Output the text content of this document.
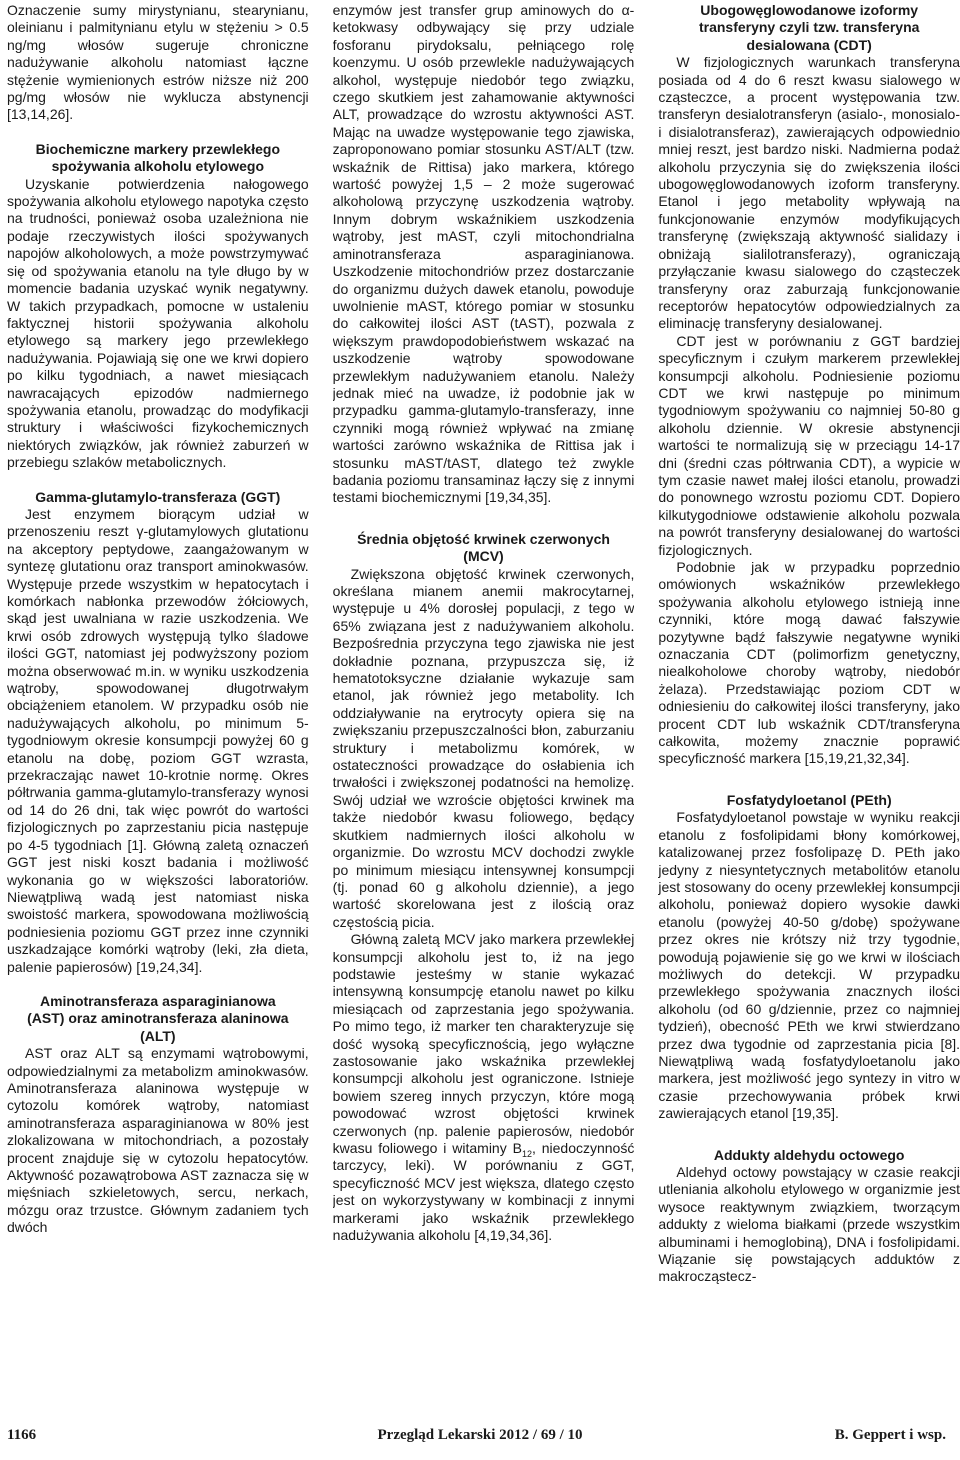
Oznaczenie sumy mirystynianu, stearynianu, oleinianu i palmitynianu etylu w stężeniu > 0.5 ng/mg włosów sugeruje chroniczne nadużywanie alkoholu natomiast łączne stężenie wymienionych estrów niższe niż 200 pg/mg włosów nie wyklucza abstynencji [13,14,26].

Biochemiczne markery przewlekłego spożywania alkoholu etylowego

Uzyskanie potwierdzenia nałogowego spożywania alkoholu etylowego napotyka często na trudności, ponieważ osoba uzależniona nie podaje rzeczywistych ilości spożywanych napojów alkoholowych, a może powstrzymywać się od spożywania etanolu na tyle długo by w momencie badania uzyskać wynik negatywny. W takich przypadkach, pomocne w ustaleniu faktycznej historii spożywania alkoholu etylowego są markery jego przewlekłego nadużywania. Pojawiają się one we krwi dopiero po kilku tygodniach, a nawet miesiącach nawracających epizodów nadmiernego spożywania etanolu, prowadząc do modyfikacji struktury i właściwości fizykochemicznych niektórych związków, jak również zaburzeń w przebiegu szlaków metabolicznych.

Gamma-glutamylo-transferaza (GGT)

Jest enzymem biorącym udział w przenoszeniu reszt γ-glutamylowych glutationu na akceptory peptydowe, zaangażowanym w syntezę glutationu oraz transport aminokwasów. Występuje przede wszystkim w hepatocytach i komórkach nabłonka przewodów żółciowych, skąd jest uwalniana w razie uszkodzenia. We krwi osób zdrowych występują tylko śladowe ilości GGT, natomiast jej podwyższony poziom można obserwować m.in. w wyniku uszkodzenia wątroby, spowodowanej długotrwałym obciążeniem etanolem. W przypadku osób nie nadużywających alkoholu, po minimum 5-tygodniowym okresie konsumpcji powyżej 60 g etanolu na dobę, poziom GGT wzrasta, przekraczając nawet 10-krotnie normę. Okres półtrwania gamma-glutamylo-transferazy wynosi od 14 do 26 dni, tak więc powrót do wartości fizjologicznych po zaprzestaniu picia następuje po 4-5 tygodniach [1]. Główną zaletą oznaczeń GGT jest niski koszt badania i możliwość wykonania go w większości laboratoriów. Niewątpliwą wadą jest natomiast niska swoistość markera, spowodowana możliwością podniesienia poziomu GGT przez inne czynniki uszkadzające komórki wątroby (leki, zła dieta, palenie papierosów) [19,24,34].

Aminotransferaza asparaginianowa (AST) oraz aminotransferaza alaninowa (ALT)

AST oraz ALT są enzymami wątrobowymi, odpowiedzialnymi za metabolizm aminokwasów. Aminotransferaza alaninowa występuje w cytozolu komórek wątroby, natomiast aminotransferaza asparaginianowa w 80% jest zlokalizowana w mitochondriach, a pozostały procent znajduje się w cytozolu hepatocytów. Aktywność pozawątrobowa AST zaznacza się w mięśniach szkieletowych, sercu, nerkach, mózgu oraz trzustce. Głównym zadaniem tych dwóch

enzymów jest transfer grup aminowych do α-ketokwasy odbywający się przy udziale fosforanu pirydoksalu, pełniącego rolę koenzymu. U osób przewlekle nadużywających alkohol, występuje niedobór tego związku, czego skutkiem jest zahamowanie aktywności ALT, prowadzące do wzrostu aktywności AST. Mając na uwadze występowanie tego zjawiska, zaproponowano pomiar stosunku AST/ALT (tzw. wskaźnik de Rittisa) jako markera, którego wartość powyżej 1,5 – 2 może sugerować alkoholową przyczynę uszkodzenia wątroby. Innym dobrym wskaźnikiem uszkodzenia wątroby, jest mAST, czyli mitochondrialna aminotransferaza asparaginianowa. Uszkodzenie mitochondriów przez dostarczanie do organizmu dużych dawek etanolu, powoduje uwolnienie mAST, którego pomiar w stosunku do całkowitej ilości AST (tAST), pozwala z większym prawdopodobieństwem wskazać na uszkodzenie wątroby spowodowane przewlekłym nadużywaniem etanolu. Należy jednak mieć na uwadze, iż podobnie jak w przypadku gamma-glutamylo-transferazy, inne czynniki mogą również wpływać na zmianę wartości zarówno wskaźnika de Rittisa jak i stosunku mAST/tAST, dlatego też zwykle badania poziomu transaminaz łączy się z innymi testami biochemicznymi [19,34,35].

Średnia objętość krwinek czerwonych (MCV)

Zwiększona objętość krwinek czerwonych, określana mianem anemii makrocytarnej, występuje u 4% dorosłej populacji, z tego w 65% związana jest z nadużywaniem alkoholu. Bezpośrednia przyczyna tego zjawiska nie jest dokładnie poznana, przypuszcza się, iż hematotoksyczne działanie wykazuje sam etanol, jak również jego metabolity. Ich oddziaływanie na erytrocyty opiera się na zwiększaniu przepuszczalności błon, zaburzaniu struktury i metabolizmu komórek, w ostateczności prowadzące do osłabienia ich trwałości i zwiększonej podatności na hemolizę. Swój udział we wzroście objętości krwinek ma także niedobór kwasu foliowego, będący skutkiem nadmiernych ilości alkoholu w organizmie. Do wzrostu MCV dochodzi zwykle po minimum miesiącu intensywnej konsumpcji (tj. ponad 60 g alkoholu dziennie), a jego wartość skorelowana jest z ilością oraz częstością picia.

Główną zaletą MCV jako markera przewlekłej konsumpcji alkoholu jest to, iż na jego podstawie jesteśmy w stanie wykazać intensywną konsumpcję etanolu nawet po kilku miesiącach od zaprzestania jego spożywania. Po mimo tego, iż marker ten charakteryzuje się dość wysoką specyficznością, jego wyłączne zastosowanie jako wskaźnika przewlekłej konsumpcji alkoholu jest ograniczone. Istnieje bowiem szereg innych przyczyn, które mogą powodować wzrost objętości krwinek czerwonych (np. palenie papierosów, niedobór kwasu foliowego i witaminy $B_{12}$, niedoczynność tarczycy, leki). W porównaniu z GGT, specyficzność MCV jest większa, dlatego często jest on wykorzystywany w kombinacji z innymi markerami jako wskaźnik przewlekłego nadużywania alkoholu [4,19,34,36].

Ubogowęglowodanowe izoformy transferyny czyli tzw. transferyna desialowana (CDT)

W fizjologicznych warunkach transferyna posiada od 4 do 6 reszt kwasu sialowego w cząsteczce, a procent występowania tzw. transferyn desialotransferyn (asialo-, monosialo- i disialotransferaz), zawierających odpowiednio mniej reszt, jest bardzo niski. Nadmierna podaż alkoholu przyczynia się do zwiększenia ilości ubogowęglowodanowych izoform transferyny. Etanol i jego metabolity wpływają na funkcjonowanie enzymów modyfikujących transferynę (zwiększają aktywność sialidazy i obniżają sialilotransferazy), ograniczają przyłączanie kwasu sialowego do cząsteczek transferyny oraz zaburzają funkcjonowanie receptorów hepatocytów odpowiedzialnych za eliminację transferyny desialowanej.

CDT jest w porównaniu z GGT bardziej specyficznym i czułym markerem przewlekłej konsumpcji alkoholu. Podniesienie poziomu CDT we krwi następuje po minimum tygodniowym spożywaniu co najmniej 50-80 g alkoholu dziennie. W okresie abstynencji wartości te normalizują się w przeciągu 14-17 dni (średni czas półtrwania CDT), a wypicie w tym czasie nawet małej ilości etanolu, prowadzi do ponownego wzrostu poziomu CDT. Dopiero kilkutygodniowe odstawienie alkoholu pozwala na powrót transferyny desialowanej do wartości fizjologicznych.

Podobnie jak w przypadku poprzednio omówionych wskaźników przewlekłego spożywania alkoholu etylowego istnieją inne czynniki, które mogą dawać fałszywie pozytywne bądź fałszywie negatywne wyniki oznaczania CDT (polimorfizm genetyczny, niealkoholowe choroby wątroby, niedobór żelaza). Przedstawiając poziom CDT w odniesieniu do całkowitej ilości transferyny, jako procent CDT lub wskaźnik CDT/transferyna całkowita, możemy znacznie poprawić specyficzność markera [15,19,21,32,34].

Fosfatydyloetanol (PEth)

Fosfatydyloetanol powstaje w wyniku reakcji etanolu z fosfolipidami błony komórkowej, katalizowanej przez fosfolipazę D. PEth jako jedyny z niesyntetycznych metabolitów etanolu jest stosowany do oceny przewlekłej konsumpcji alkoholu, ponieważ dopiero wysokie dawki etanolu (powyżej 40-50 g/dobę) spożywane przez okres nie krótszy niż trzy tygodnie, powodują pojawienie się go we krwi w ilościach możliwych do detekcji. W przypadku przewlekłego spożywania znacznych ilości alkoholu (od 60 g/dziennie, przez co najmniej tydzień), obecność PEth we krwi stwierdzano przez dwa tygodnie od zaprzestania picia [8]. Niewątpliwą wadą fosfatydyloetanolu jako markera, jest możliwość jego syntezy in vitro w czasie przechowywania próbek krwi zawierających etanol [19,35].

Addukty aldehydu octowego

Aldehyd octowy powstający w czasie reakcji utleniania alkoholu etylowego w organizmie jest wysoce reaktywnym związkiem, tworzącym addukty z wieloma białkami (przede wszystkim albuminami i hemoglobiną), DNA i fosfolipidami. Wiązanie się powstających adduktów z makrocząstecz-

1166	Przegląd Lekarski 2012 / 69 / 10	B. Geppert i wsp.
